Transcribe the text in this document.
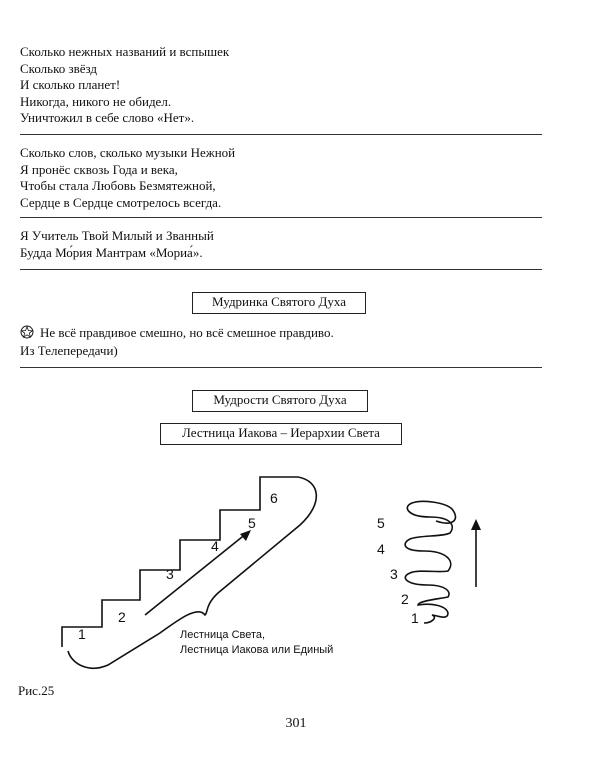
Сколько нежных названий и вспышек
Сколько звёзд
И сколько планет!
Никогда, никого не обидел.
Уничтожил в себе слово «Нет».
Сколько слов, сколько музыки Нежной
Я пронёс сквозь Года и века,
Чтобы стала Любовь Безмятежной,
Сердце в Сердце смотрелось всегда.
Я Учитель Твой Милый и Званный
Будда Мо́рия Мантрам «Мориа́».
Мудринка Святого Духа
Не всё правдивое смешно, но всё смешное правдиво.
Из Телепередачи)
Мудрости Святого Духа
Лестница Иакова – Иерархии Света
1
2
3
4
5
6
Лестница Света,
Лестница Иакова или Единый
1
2
3
4
5
Рис.25
301
